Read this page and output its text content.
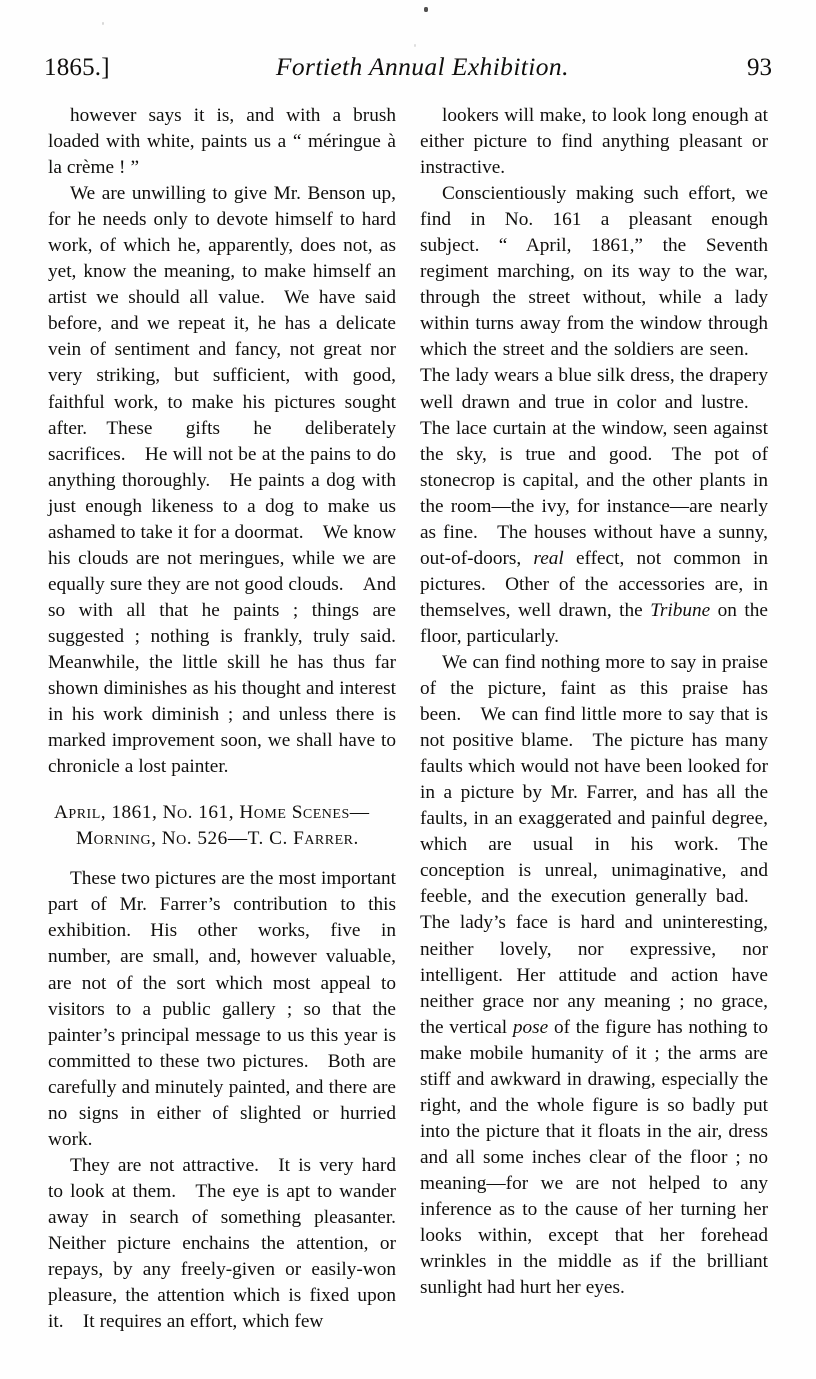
1865.]	Fortieth Annual Exhibition.	93

however says it is, and with a brush loaded with white, paints us a “ méringue à la crème ! ”

We are unwilling to give Mr. Benson up, for he needs only to devote himself to hard work, of which he, apparently, does not, as yet, know the meaning, to make himself an artist we should all value. We have said before, and we repeat it, he has a delicate vein of sentiment and fancy, not great nor very striking, but sufficient, with good, faithful work, to make his pictures sought after. These gifts he deliberately sacrifices. He will not be at the pains to do anything thoroughly. He paints a dog with just enough likeness to a dog to make us ashamed to take it for a doormat. We know his clouds are not meringues, while we are equally sure they are not good clouds. And so with all that he paints ; things are suggested ; nothing is frankly, truly said. Meanwhile, the little skill he has thus far shown diminishes as his thought and interest in his work diminish ; and unless there is marked improvement soon, we shall have to chronicle a lost painter.

April, 1861, No. 161, Home Scenes—
Morning, No. 526—T. C. Farrer.

These two pictures are the most important part of Mr. Farrer’s contribution to this exhibition. His other works, five in number, are small, and, however valuable, are not of the sort which most appeal to visitors to a public gallery ; so that the painter’s principal message to us this year is committed to these two pictures. Both are carefully and minutely painted, and there are no signs in either of slighted or hurried work.

They are not attractive. It is very hard to look at them. The eye is apt to wander away in search of something pleasanter. Neither picture enchains the attention, or repays, by any freely-given or easily-won pleasure, the attention which is fixed upon it. It requires an effort, which few

lookers will make, to look long enough at either picture to find anything pleasant or instractive.

Conscientiously making such effort, we find in No. 161 a pleasant enough subject. “ April, 1861,” the Seventh regiment marching, on its way to the war, through the street without, while a lady within turns away from the window through which the street and the soldiers are seen. The lady wears a blue silk dress, the drapery well drawn and true in color and lustre. The lace curtain at the window, seen against the sky, is true and good. The pot of stonecrop is capital, and the other plants in the room—the ivy, for instance—are nearly as fine. The houses without have a sunny, out-of-doors, real effect, not common in pictures. Other of the accessories are, in themselves, well drawn, the Tribune on the floor, particularly.

We can find nothing more to say in praise of the picture, faint as this praise has been. We can find little more to say that is not positive blame. The picture has many faults which would not have been looked for in a picture by Mr. Farrer, and has all the faults, in an exaggerated and painful degree, which are usual in his work. The conception is unreal, unimaginative, and feeble, and the execution generally bad. The lady’s face is hard and uninteresting, neither lovely, nor expressive, nor intelligent. Her attitude and action have neither grace nor any meaning ; no grace, the vertical pose of the figure has nothing to make mobile humanity of it ; the arms are stiff and awkward in drawing, especially the right, and the whole figure is so badly put into the picture that it floats in the air, dress and all some inches clear of the floor ; no meaning—for we are not helped to any inference as to the cause of her turning her looks within, except that her forehead wrinkles in the middle as if the brilliant sunlight had hurt her eyes.
